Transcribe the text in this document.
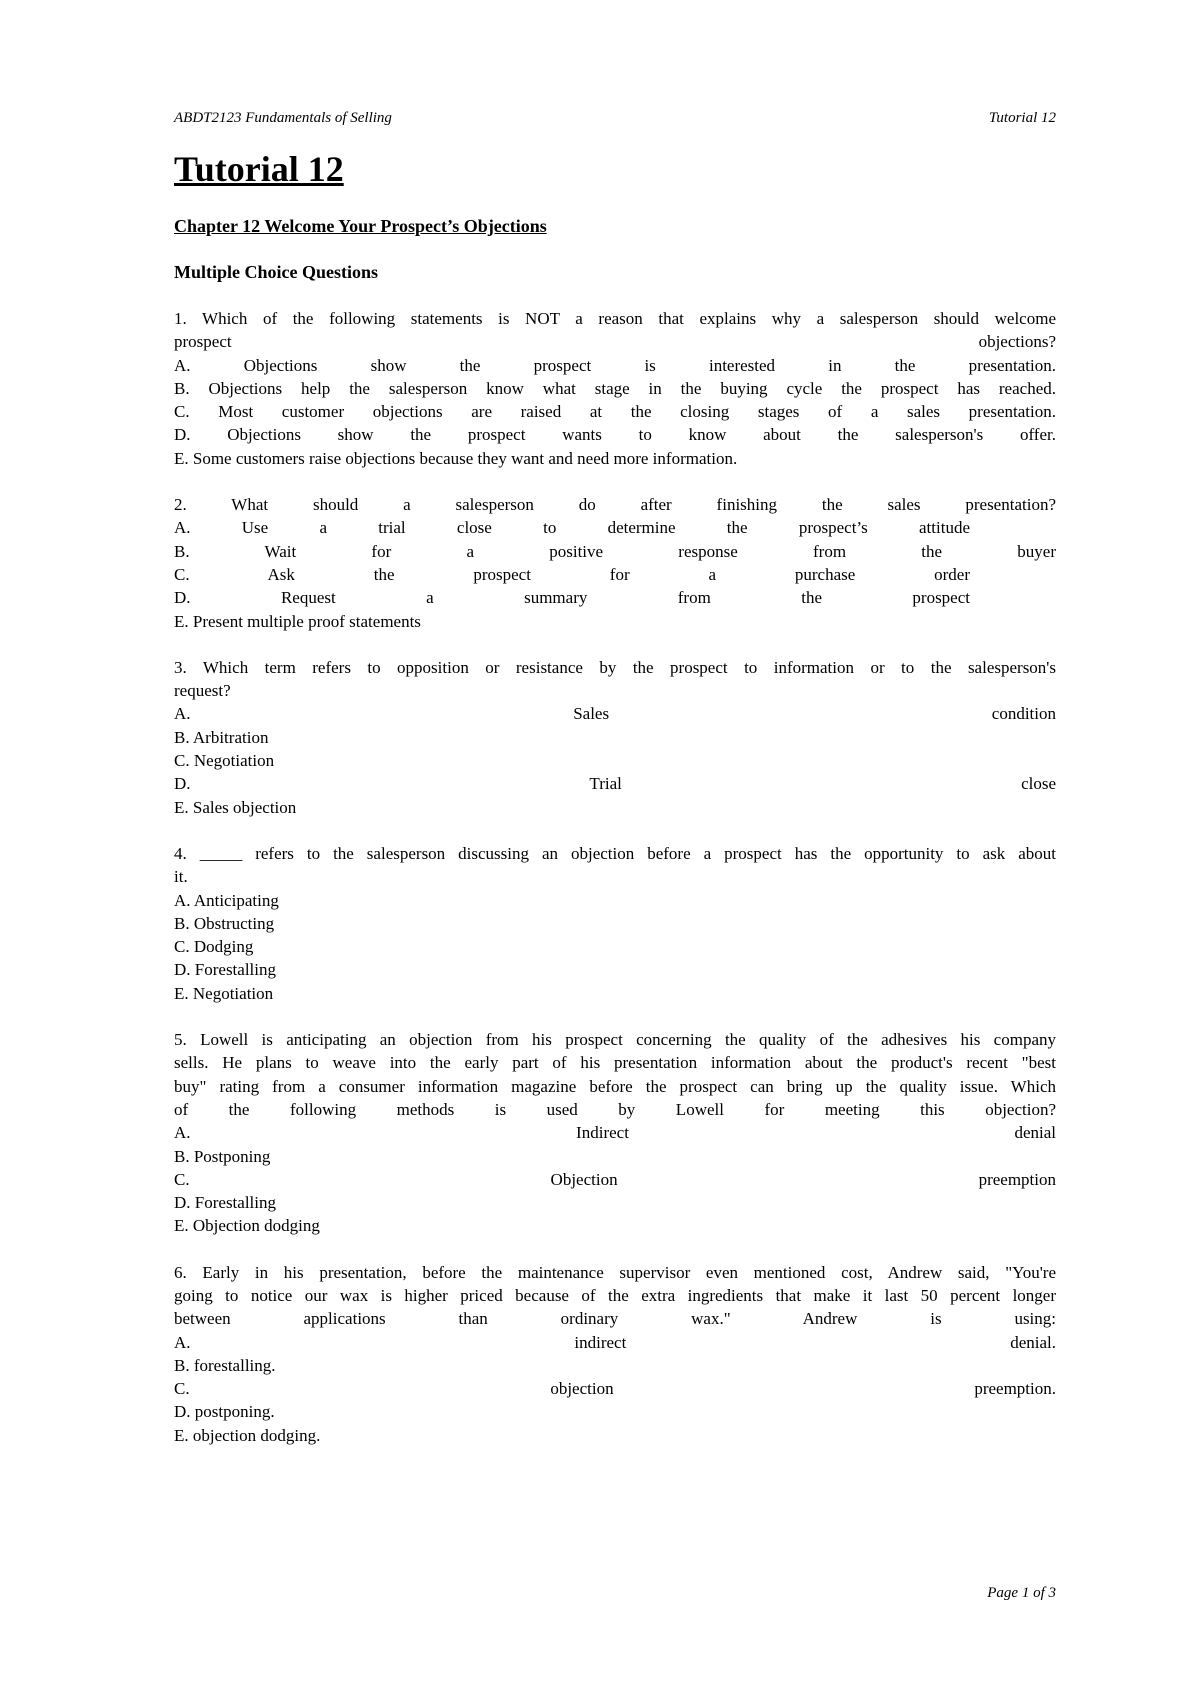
ABDT2123 Fundamentals of Selling	Tutorial 12
Tutorial 12
Chapter 12 Welcome Your Prospect’s Objections
Multiple Choice Questions
1. Which of the following statements is NOT a reason that explains why a salesperson should welcome
prospect objections?
A. Objections show the prospect is interested in the presentation.
B. Objections help the salesperson know what stage in the buying cycle the prospect has reached.
C. Most customer objections are raised at the closing stages of a sales presentation.
D. Objections show the prospect wants to know about the salesperson's offer.
E. Some customers raise objections because they want and need more information.
2. What should a salesperson do after finishing the sales presentation?
A. Use a trial close to determine the prospect’s attitude
B. Wait for a positive response from the buyer
C. Ask the prospect for a purchase order
D. Request a summary from the prospect
E. Present multiple proof statements
3. Which term refers to opposition or resistance by the prospect to information or to the salesperson's
request?
A. Sales condition
B. Arbitration
C. Negotiation
D. Trial close
E. Sales objection
4. _____ refers to the salesperson discussing an objection before a prospect has the opportunity to ask about
it.
A. Anticipating
B. Obstructing
C. Dodging
D. Forestalling
E. Negotiation
5. Lowell is anticipating an objection from his prospect concerning the quality of the adhesives his company
sells. He plans to weave into the early part of his presentation information about the product's recent "best
buy" rating from a consumer information magazine before the prospect can bring up the quality issue. Which
of the following methods is used by Lowell for meeting this objection?
A. Indirect denial
B. Postponing
C. Objection preemption
D. Forestalling
E. Objection dodging
6. Early in his presentation, before the maintenance supervisor even mentioned cost, Andrew said, "You're
going to notice our wax is higher priced because of the extra ingredients that make it last 50 percent longer
between applications than ordinary wax." Andrew is using:
A. indirect denial.
B. forestalling.
C. objection preemption.
D. postponing.
E. objection dodging.
Page 1 of 3
